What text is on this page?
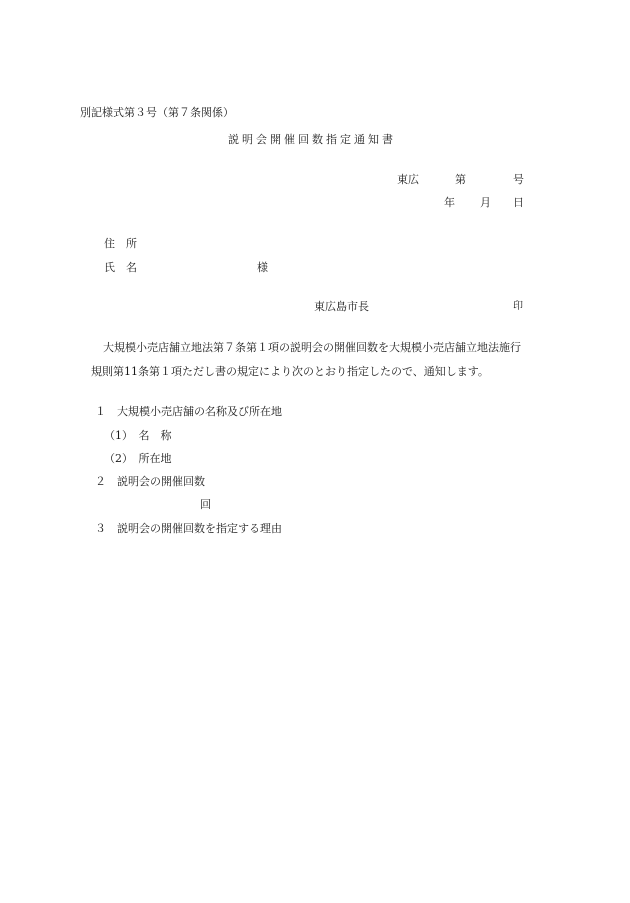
別記様式第３号（第７条関係）

説明会開催回数指定通知書

東広	第	号

年 月 日

住　所

氏　名	様

東広島市長	印

大規模小売店舗立地法第７条第１項の説明会の開催回数を大規模小売店舗立地法施行

規則第11条第１項ただし書の規定により次のとおり指定したので、通知します。

１　大規模小売店舗の名称及び所在地

（1）　名　称

（2）　所在地

２　説明会の開催回数

回

３　説明会の開催回数を指定する理由
